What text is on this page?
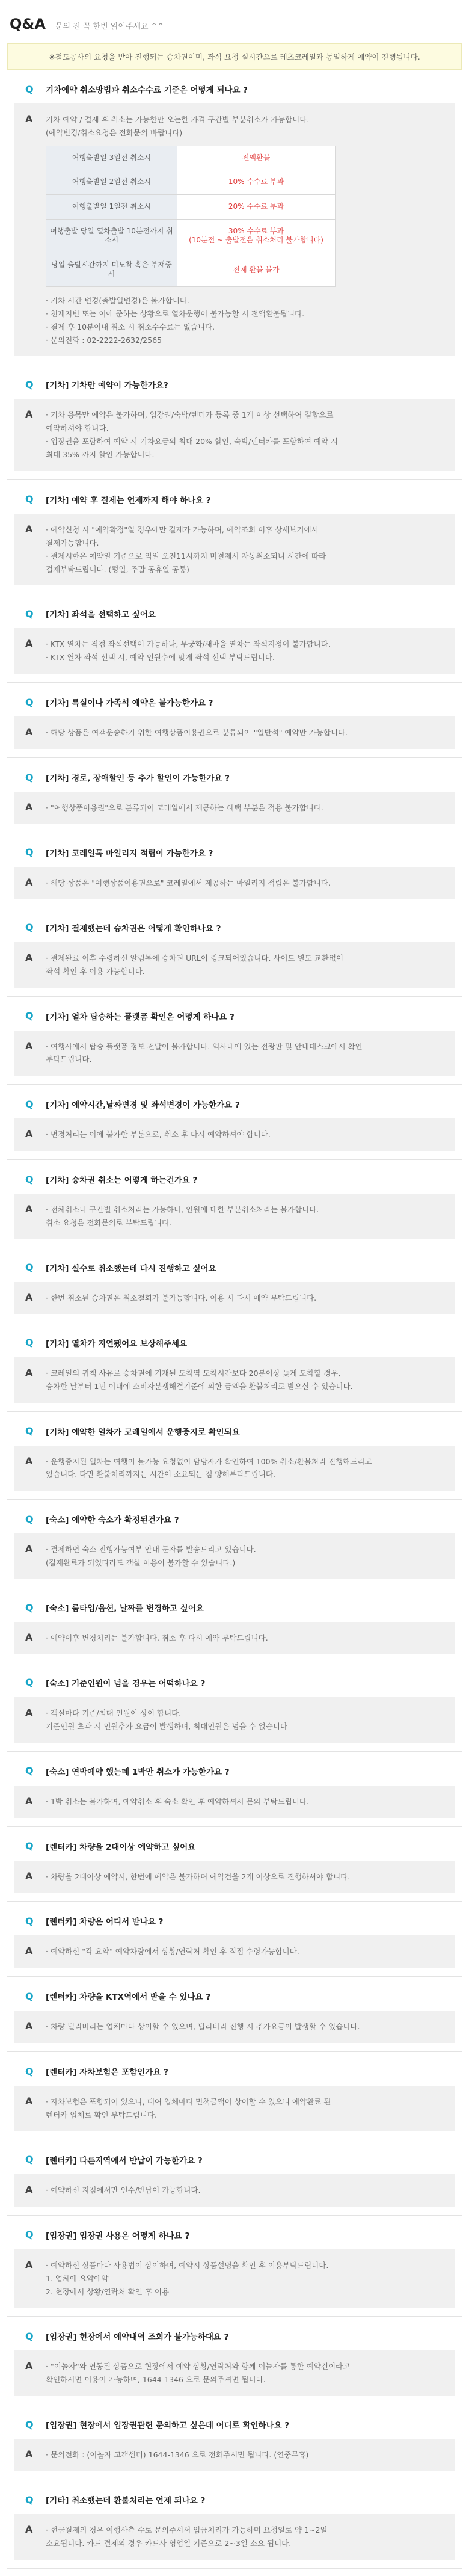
Q&A 문의 전 꼭 한번 읽어주세요 ^^
※철도공사의 요청을 받아 진행되는 승차권이며, 좌석 요청 실시간으로 레츠코레일과 동일하게 예약이 진행됩니다.
Q	기차예약 취소방법과 취소수수료 기준은 어떻게 되나요 ?
A	기차 예약 / 결제 후 취소는 가능한만 오는한 가격 구간별 부분취소가 가능합니다.
(예약변경/취소요청은 전화문의 바랍니다)
여행출발일 3일전 취소시	전액환불
여행출발일 2일전 취소시	10% 수수료 부과
여행출발일 1일전 취소시	20% 수수료 부과
여행출발 당일 열차출발 10분전까지 취소시	30% 수수료 부과
(10분전 ~ 출발전은 취소처리 불가합니다)
당일 출발시간까지 미도착 혹은 부재중 시	전체 환불 불가
· 기차 시간 변경(출발일변경)은 불가합니다.
· 천재지변 또는 이에 준하는 상황으로 열차운행이 불가능할 시 전액환불됩니다.
· 결제 후 10분이내 취소 시 취소수수료는 없습니다.
· 문의전화 : 02-2222-2632/2565
Q	[기차] 기차만 예약이 가능한가요?
A	· 기차 용목만 예약은 불가하며, 입장권/숙박/렌터카 등록 중 1개 이상 선택하여 결합으로
예약하셔야 합니다.
· 입장권을 포함하여 예약 시 기차요금의 최대 20% 할인, 숙박/렌터카를 포함하여 예약 시
최대 35% 까지 할인 가능합니다.
Q	[기차] 예약 후 결제는 언제까지 해야 하나요 ?
A	· 예약신청 시 "예약확정"일 경우에만 결제가 가능하며, 예약조회 이후 상세보기에서
결제가능합니다.
· 결제시한은 예약일 기준으로 익일 오전11시까지 미결제시 자동취소되니 시간에 따라
결제부탁드립니다. (평일, 주말 공휴일 공통)
Q	[기차] 좌석을 선택하고 싶어요
A	· KTX 열차는 직접 좌석선택이 가능하나, 무궁화/새마을 열차는 좌석지정이 불가합니다.
· KTX 열차 좌석 선택 시, 예약 인원수에 맞게 좌석 선택 부탁드립니다.
Q	[기차] 특실이나 가족석 예약은 불가능한가요 ?
A	· 해당 상품은 여객운송하기 위한 여행상품이용권으로 분류되어 "일반석" 예약만 가능합니다.
Q	[기차] 경로, 장애할인 등 추가 할인이 가능한가요 ?
A	· "여행상품이용권"으로 분류되어 코레일에서 제공하는 혜택 부분은 적용 불가합니다.
Q	[기차] 코레일톡 마일리지 적립이 가능한가요 ?
A	· 해당 상품은 "여행상품이용권으로" 코레일에서 제공하는 마일리지 적립은 불가합니다.
Q	[기차] 결제했는데 승차권은 어떻게 확인하나요 ?
A	· 결제완료 이후 수령하신 알림톡에 승차권 URL이 링크되어있습니다. 사이트 별도 교환없이
좌석 확인 후 이용 가능합니다.
Q	[기차] 열차 탑승하는 플랫폼 확인은 어떻게 하나요 ?
A	· 여행사에서 탑승 플랫폼 정보 전달이 불가합니다. 역사내에 있는 전광판 및 안내데스크에서 확인
부탁드립니다.
Q	[기차] 예약시간,날짜변경 및 좌석변경이 가능한가요 ?
A	· 변경처리는 이에 불가한 부분으로, 취소 후 다시 예약하셔야 합니다.
Q	[기차] 승차권 취소는 어떻게 하는건가요 ?
A	· 전체취소나 구간별 취소처리는 가능하나, 인원에 대한 부분취소처리는 불가합니다.
취소 요청은 전화문의로 부탁드립니다.
Q	[기차] 실수로 취소했는데 다시 진행하고 싶어요
A	· 한번 취소된 승차권은 취소철회가 불가능합니다. 이용 시 다시 예약 부탁드립니다.
Q	[기차] 열차가 지연됐어요 보상해주세요
A	· 코레일의 귀책 사유로 승차권에 기재된 도착역 도착시간보다 20분이상 늦게 도착할 경우,
승차한 날부터 1년 이내에 소비자분쟁해결기준에 의한 금액을 환불처리로 받으실 수 있습니다.
Q	[기차] 예약한 열차가 코레일에서 운행중지로 확인되요
A	· 운행중지된 열차는 여행이 불가능 요청없이 담당자가 확인하여 100% 취소/환불처리 진행해드리고
있습니다. 다만 환불처리까지는 시간이 소요되는 점 양해부탁드립니다.
Q	[숙소] 예약한 숙소가 확정된건가요 ?
A	· 결제하면 숙소 진행가능여부 안내 문자를 발송드리고 있습니다.
(결제완료가 되었다라도 객실 이용이 불가할 수 있습니다.)
Q	[숙소] 룸타입/옵션, 날짜를 변경하고 싶어요
A	· 예약이후 변경처리는 불가합니다. 취소 후 다시 예약 부탁드립니다.
Q	[숙소] 기준인원이 넘을 경우는 어떡하나요 ?
A	· 객실마다 기준/최대 인원이 상이 합니다.
기준인원 초과 시 인원추가 요금이 발생하며, 최대인원은 넘을 수 없습니다
Q	[숙소] 연박예약 했는데 1박만 취소가 가능한가요 ?
A	· 1박 취소는 불가하며, 예약취소 후 숙소 확인 후 예약하셔서 문의 부탁드립니다.
Q	[렌터카] 차량을 2대이상 예약하고 싶어요
A	· 차량을 2대이상 예약시, 한번에 예약은 불가하며 예약건을 2개 이상으로 진행하셔야 합니다.
Q	[렌터카] 차량은 어디서 받나요 ?
A	· 예약하신 "각 요약" 예약차량에서 상황/연락처 확인 후 직접 수령가능합니다.
Q	[렌터카] 차량을 KTX역에서 받을 수 있나요 ?
A	· 차량 딜리버리는 업체마다 상이할 수 있으며, 딜리버리 진행 시 추가요금이 발생할 수 있습니다.
Q	[렌터카] 자차보험은 포함인가요 ?
A	· 자차보험은 포함되어 있으나, 대여 업체마다 면책금액이 상이할 수 있으니 예약완료 된
렌터카 업체로 확인 부탁드립니다.
Q	[렌터카] 다른지역에서 반납이 가능한가요 ?
A	· 예약하신 지점에서만 인수/반납이 가능합니다.
Q	[입장권] 입장권 사용은 어떻게 하나요 ?
A	· 예약하신 상품마다 사용법이 상이하며, 예약시 상품설명을 확인 후 이용부탁드립니다.
1. 업체에 요약에약
2. 현장에서 상황/연락처 확인 후 이용
Q	[입장권] 현장에서 예약내역 조회가 불가능하대요 ?
A	· "이놀자"와 연동된 상품으로 현장에서 예약 상황/연락처와 함께 이놀자를 통한 예약건이라고
확인하시면 이용이 가능하며, 1644-1346 으로 문의주셔면 됩니다.
Q	[입장권] 현장에서 입장권관련 문의하고 싶은데 어디로 확인하나요 ?
A	· 문의전화 : (이놀자 고객센터) 1644-1346 으로 전화주시면 됩니다. (연중무휴)
Q	[기타] 취소했는데 환불처리는 언제 되나요 ?
A	· 현금결제의 경우 여행사측 수로 문의주셔서 입금처리가 가능하며 요청일로 약 1~2일
소요됩니다. 카드 결제의 경우 카드사 영업일 기준으로 2~3일 소요 됩니다.
